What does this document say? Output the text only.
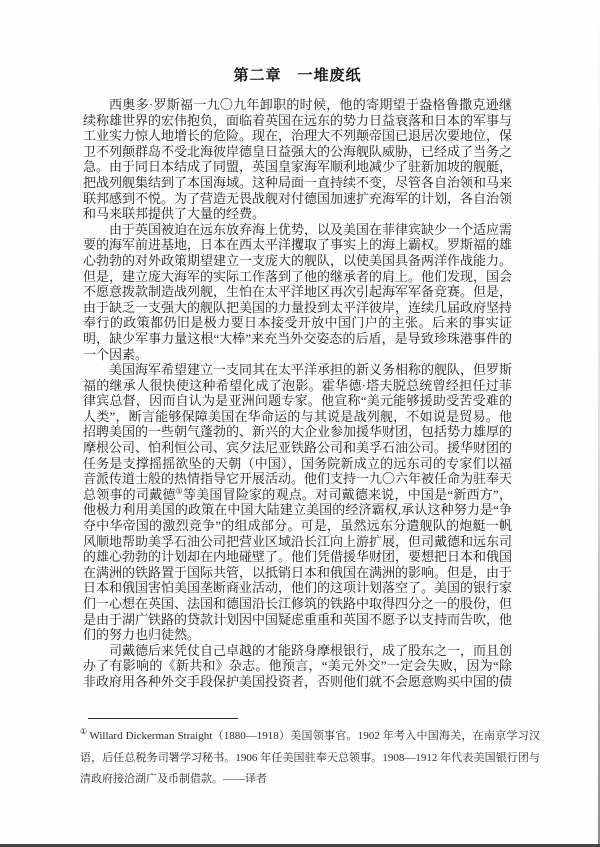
第二章　一堆废纸

西奥多·罗斯福一九〇九年卸职的时候，他的寄期望于盎格鲁撒克逊继续称雄世界的宏伟抱负，面临着英国在远东的势力日益衰落和日本的军事与工业实力惊人地增长的危险。现在，治理大不列颠帝国已退居次要地位，保卫不列颠群岛不受北海彼岸德皇日益强大的公海舰队威胁，已经成了当务之急。由于同日本结成了同盟，英国皇家海军顺利地减少了驻新加坡的舰艇，把战列舰集结到了本国海域。这种局面一直持续不变，尽管各自治领和马来联邦感到不悦。为了营造无畏战舰对付德国加速扩充海军的计划，各自治领和马来联邦提供了大量的经费。

由于英国被迫在远东放弃海上优势，以及美国在菲律宾缺少一个适应需要的海军前进基地，日本在西太平洋攫取了事实上的海上霸权。罗斯福的雄心勃勃的对外政策期望建立一支庞大的舰队，以使美国具备两洋作战能力。但是，建立庞大海军的实际工作落到了他的继承者的肩上。他们发现，国会不愿意拨款制造战列舰，生怕在太平洋地区再次引起海军军备竞赛。但是，由于缺乏一支强大的舰队把美国的力量投到太平洋彼岸，连续几届政府坚持奉行的政策都仍旧是极力要日本接受开放中国门户的主张。后来的事实证明，缺少军事力量这根“大棒”来充当外交姿态的后盾，是导致珍珠港事件的一个因素。

美国海军希望建立一支同其在太平洋承担的新义务相称的舰队，但罗斯福的继承人很快使这种希望化成了泡影。霍华德·塔夫脱总统曾经担任过菲律宾总督，因而自认为是亚洲问题专家。他宣称“美元能够援助受苦受难的人类”，断言能够保障美国在华命运的与其说是战列舰，不如说是贸易。他招聘美国的一些朝气蓬勃的、新兴的大企业参加援华财团，包括势力雄厚的摩根公司、怕利恒公司、宾夕法尼亚铁路公司和美孚石油公司。援华财团的任务是支撑摇摇欲坠的天朝（中国），国务院新成立的远东司的专家们以福音派传道士般的热情指导它开展活动。他们支持一九〇六年被任命为驻奉天总领事的司戴德①等美国冒险家的观点。对司戴德来说，中国是“新西方”，他极力利用美国的政策在中国大陆建立美国的经济霸权,承认这种努力是“争夺中华帝国的激烈竞争”的组成部分。可是，虽然远东分遣舰队的炮艇一帆风顺地帮助美孚石油公司把营业区域沿长江向上游扩展，但司戴德和远东司的雄心勃勃的计划却在内地碰壁了。他们凭借援华财团，要想把日本和俄国在满洲的铁路置于国际共管，以抵销日本和俄国在满洲的影响。但是，由于日本和俄国害怕美国垄断商业活动，他们的这项计划落空了。美国的银行家们一心想在英国、法国和德国沿长江修筑的铁路中取得四分之一的股份，但是由于湖广铁路的贷款计划因中国疑虑重重和英国不愿予以支持而告吹，他们的努力也归徒然。

司戴德后来凭仗自己卓越的才能跻身摩根银行，成了股东之一，而且创办了有影响的《新共和》杂志。他预言，“美元外交”一定会失败，因为“除非政府用各种外交手段保护美国投资者，否则他们就不会愿意购买中国的债

① Willard Dickerman Straight（1880—1918）美国领事官。1902 年考入中国海关，在南京学习汉语，后任总税务司署学习秘书。1906 年任美国驻奉天总领事。1908—1912 年代表美国银行团与清政府接洽湖广及币制借款。——译者
